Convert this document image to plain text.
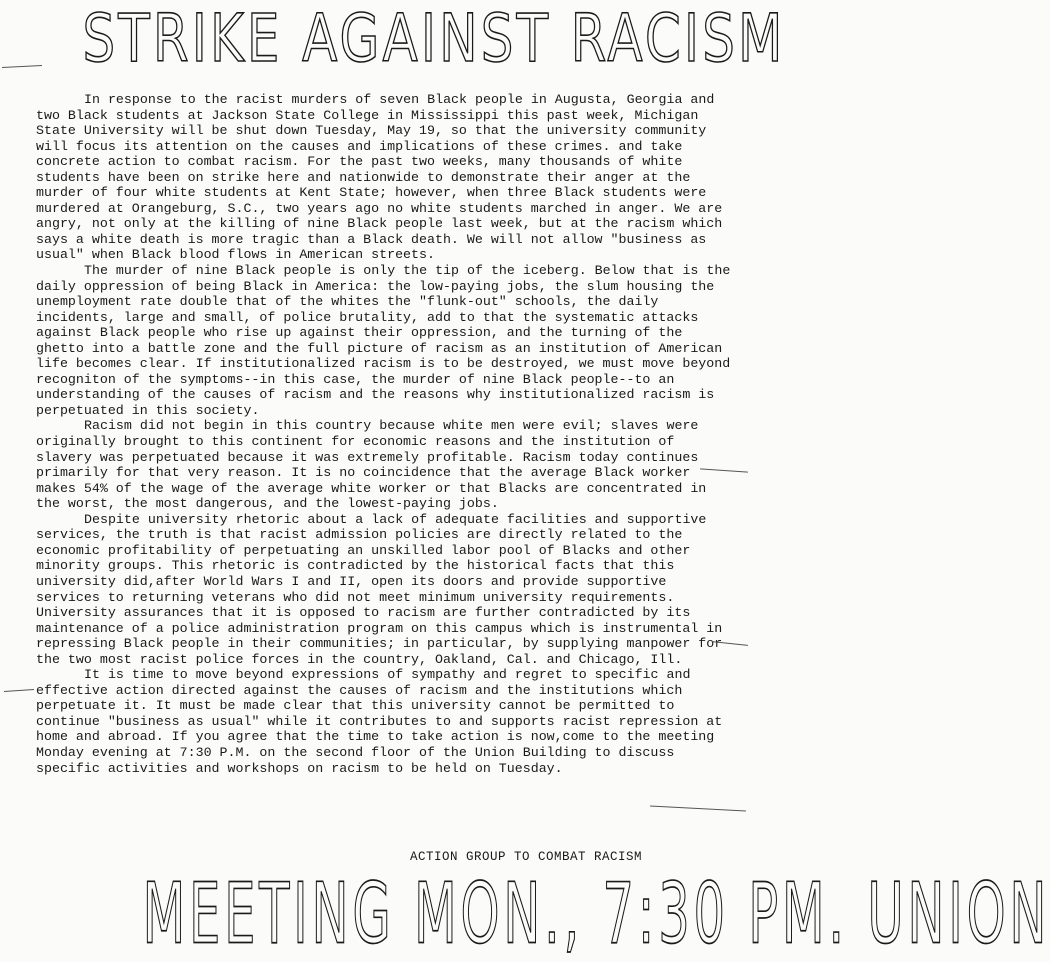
STRIKE AGAINST RACISM

In response to the racist murders of seven Black people in Augusta, Georgia and two Black students at Jackson State College in Mississippi this past week, Michigan State University will be shut down Tuesday, May 19, so that the university community will focus its attention on the causes and implications of these crimes. and take concrete action to combat racism. For the past two weeks, many thousands of white students have been on strike here and nationwide to demonstrate their anger at the murder of four white students at Kent State; however, when three Black students were murdered at Orangeburg, S.C., two years ago no white students marched in anger. We are angry, not only at the killing of nine Black people last week, but at the racism which says a white death is more tragic than a Black death. We will not allow "business as usual" when Black blood flows in American streets.

The murder of nine Black people is only the tip of the iceberg. Below that is the daily oppression of being Black in America: the low-paying jobs, the slum housing the unemployment rate double that of the whites the "flunk-out" schools, the daily incidents, large and small, of police brutality, add to that the systematic attacks against Black people who rise up against their oppression, and the turning of the ghetto into a battle zone and the full picture of racism as an institution of American life becomes clear. If institutionalized racism is to be destroyed, we must move beyond recogniton of the symptoms--in this case, the murder of nine Black people--to an understanding of the causes of racism and the reasons why institutionalized racism is perpetuated in this society.

Racism did not begin in this country because white men were evil; slaves were originally brought to this continent for economic reasons and the institution of slavery was perpetuated because it was extremely profitable. Racism today continues primarily for that very reason. It is no coincidence that the average Black worker makes 54% of the wage of the average white worker or that Blacks are concentrated in the worst, the most dangerous, and the lowest-paying jobs.

Despite university rhetoric about a lack of adequate facilities and supportive services, the truth is that racist admission policies are directly related to the economic profitability of perpetuating an unskilled labor pool of Blacks and other minority groups. This rhetoric is contradicted by the historical facts that this university did,after World Wars I and II, open its doors and provide supportive services to returning veterans who did not meet minimum university requirements. University assurances that it is opposed to racism are further contradicted by its maintenance of a police administration program on this campus which is instrumental in repressing Black people in their communities; in particular, by supplying manpower for the two most racist police forces in the country, Oakland, Cal. and Chicago, Ill.

It is time to move beyond expressions of sympathy and regret to specific and effective action directed against the causes of racism and the institutions which perpetuate it. It must be made clear that this university cannot be permitted to continue "business as usual" while it contributes to and supports racist repression at home and abroad. If you agree that the time to take action is now,come to the meeting Monday evening at 7:30 P.M. on the second floor of the Union Building to discuss specific activities and workshops on racism to be held on Tuesday.

ACTION GROUP TO COMBAT RACISM
MEETING MON., 7:30 PM. UNION
